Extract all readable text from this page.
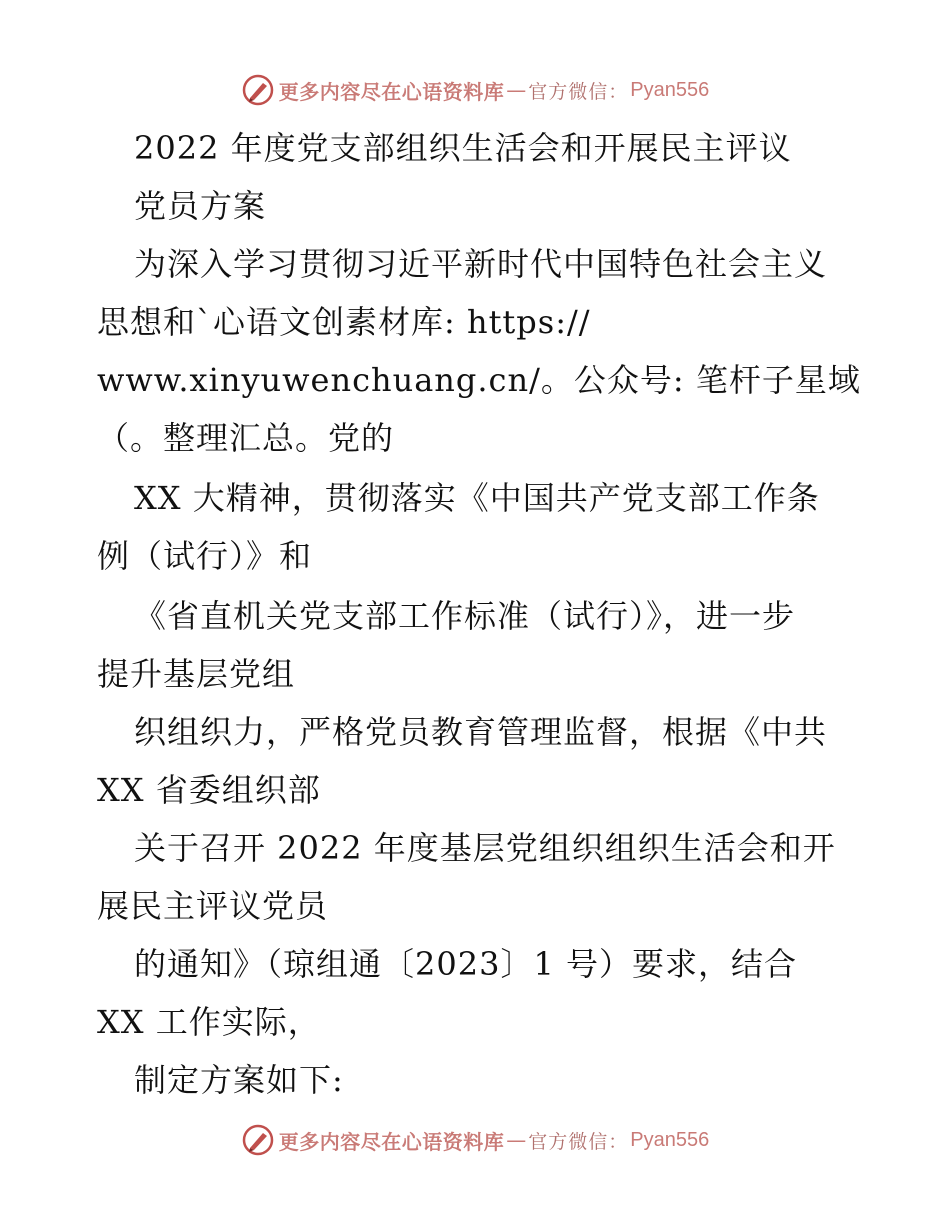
更多内容尽在心语资料库 — 官方微信： Pyan556
2022 年度党支部组织生活会和开展民主评议
党员方案
为深入学习贯彻习近平新时代中国特色社会主义
思想和`心语文创素材库: https://
www.xinyuwenchuang.cn/。公众号: 笔杆子星域
（。整理汇总。党的
XX 大精神，贯彻落实《中国共产党支部工作条
例（试行）》和
《省直机关党支部工作标准（试行）》，进一步
提升基层党组
织组织力，严格党员教育管理监督，根据《中共
XX 省委组织部
关于召开 2022 年度基层党组织组织生活会和开
展民主评议党员
的通知》（琼组通〔2023〕1 号）要求，结合
XX 工作实际，
制定方案如下:
更多内容尽在心语资料库 — 官方微信： Pyan556
